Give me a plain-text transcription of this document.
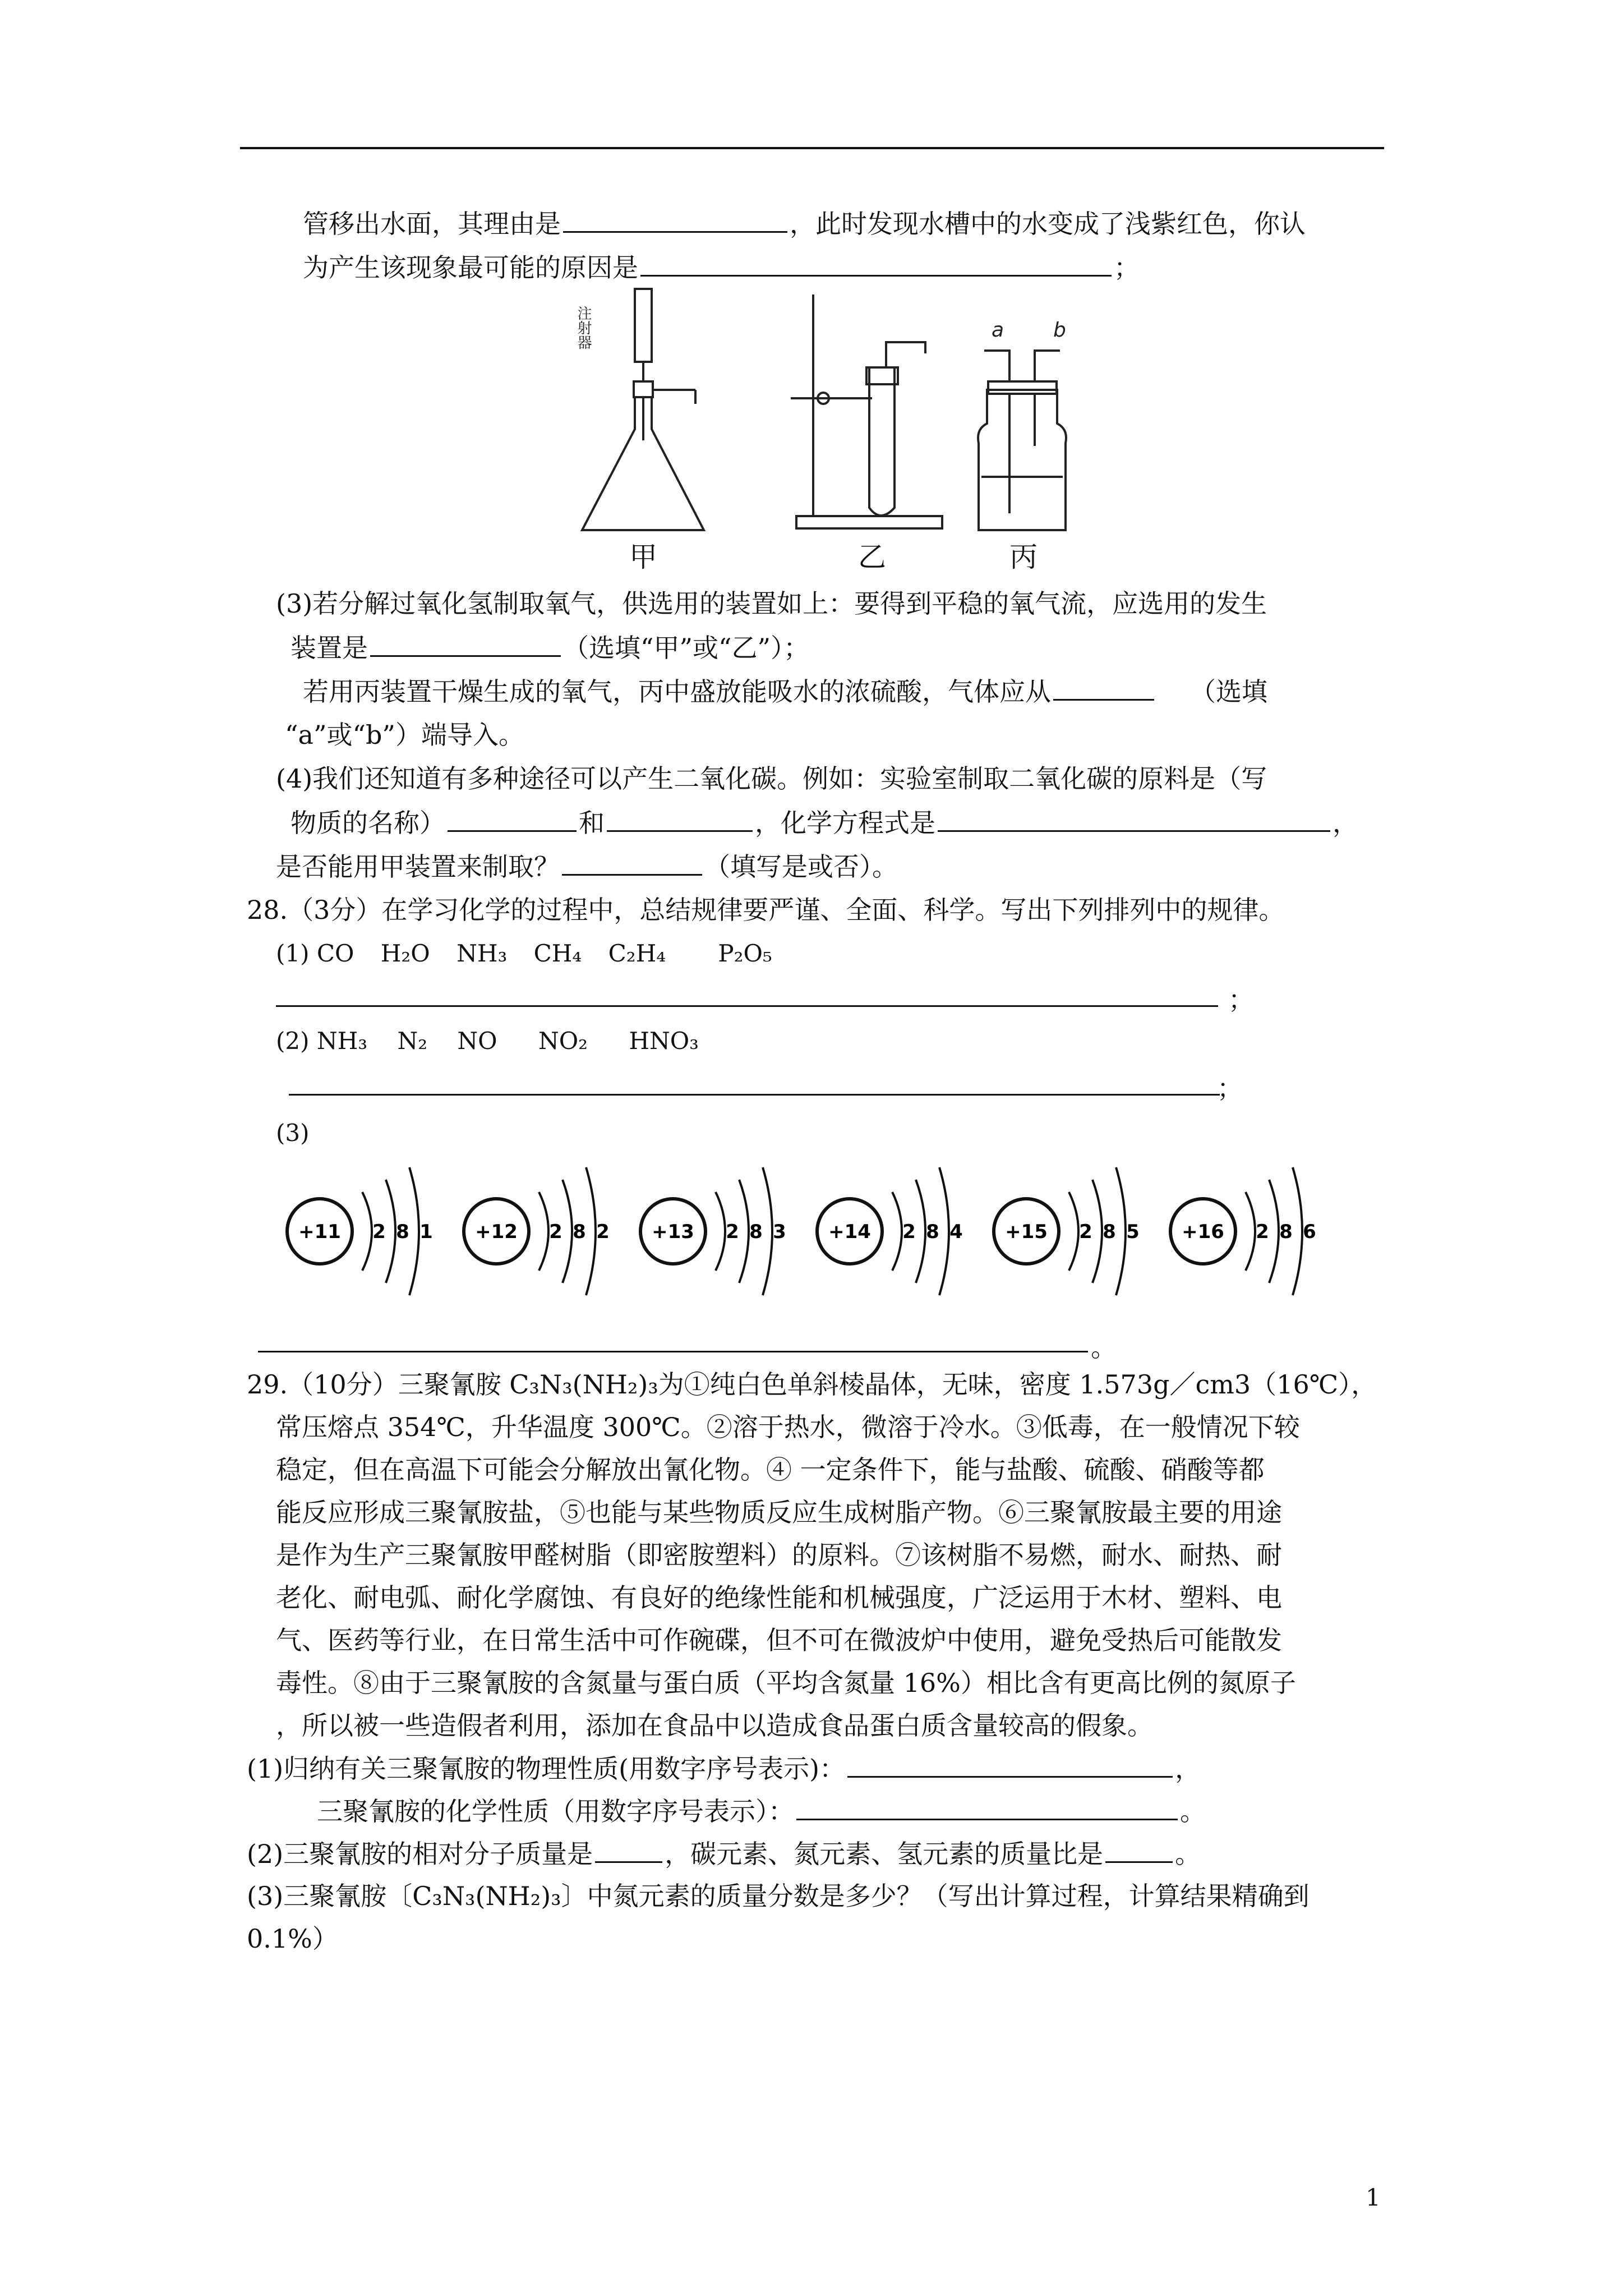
管移出水面，其理由是	，此时发现水槽中的水变成了浅紫红色，你认
为产生该现象最可能的原因是	；
注射器	a b
甲	乙	丙
(3)若分解过氧化氢制取氧气，供选用的装置如上：要得到平稳的氧气流，应选用的发生
装置是	（选填“甲”或“乙”）；
若用丙装置干燥生成的氧气，丙中盛放能吸水的浓硫酸，气体应从	（选填
“a”或“b”）端导入。
(4)我们还知道有多种途径可以产生二氧化碳。例如：实验室制取二氧化碳的原料是（写
物质的名称）	和	，化学方程式是	，
是否能用甲装置来制取？	（填写是或否）。
28.（3分）在学习化学的过程中，总结规律要严谨、全面、科学。写出下列排列中的规律。
(1) CO H₂O NH₃ CH₄ C₂H₄ P₂O₅
；
(2) NH₃ N₂ NO NO₂ HNO₃
；
(3)
+11 2 8 1 +12 2 8 2 +13 2 8 3 +14 2 8 4 +15 2 8 5 +16 2 8 6
。
29.（10分）三聚氰胺 C₃N₃(NH₂)₃为①纯白色单斜棱晶体，无味，密度 1.573g／cm3（16℃），
常压熔点 354℃，升华温度 300℃。②溶于热水，微溶于冷水。③低毒，在一般情况下较
稳定，但在高温下可能会分解放出氰化物。④ 一定条件下，能与盐酸、硫酸、硝酸等都
能反应形成三聚氰胺盐，⑤也能与某些物质反应生成树脂产物。⑥三聚氰胺最主要的用途
是作为生产三聚氰胺甲醛树脂（即密胺塑料）的原料。⑦该树脂不易燃，耐水、耐热、耐
老化、耐电弧、耐化学腐蚀、有良好的绝缘性能和机械强度，广泛运用于木材、塑料、电
气、医药等行业，在日常生活中可作碗碟，但不可在微波炉中使用，避免受热后可能散发
毒性。⑧由于三聚氰胺的含氮量与蛋白质（平均含氮量 16%）相比含有更高比例的氮原子
，所以被一些造假者利用，添加在食品中以造成食品蛋白质含量较高的假象。
(1)归纳有关三聚氰胺的物理性质(用数字序号表示)：	，
三聚氰胺的化学性质（用数字序号表示）：	。
(2)三聚氰胺的相对分子质量是	，碳元素、氮元素、氢元素的质量比是	。
(3)三聚氰胺〔C₃N₃(NH₂)₃〕中氮元素的质量分数是多少？（写出计算过程，计算结果精确到
0.1%）
1
